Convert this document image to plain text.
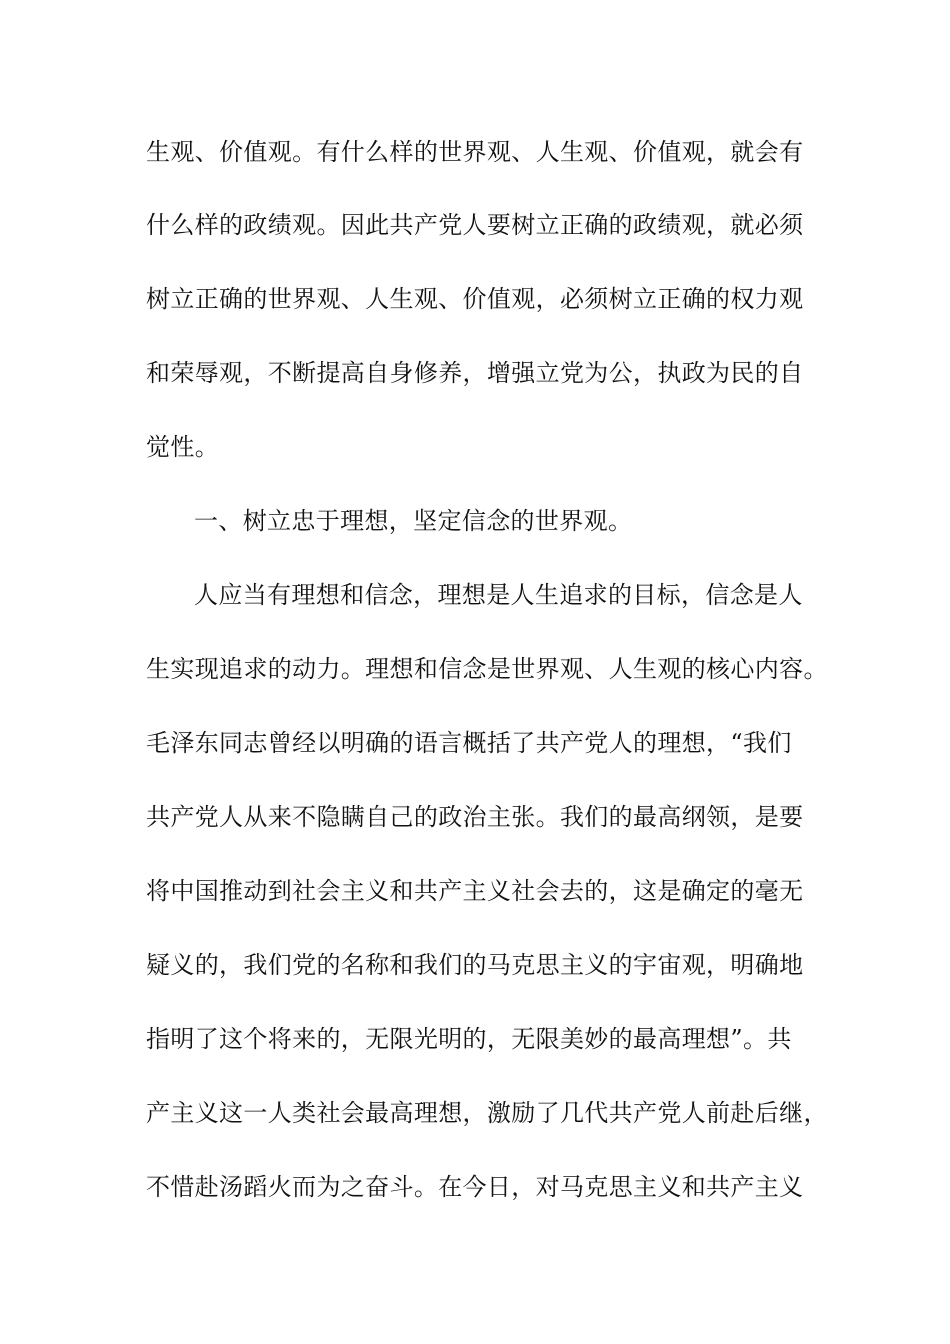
生观、价值观。有什么样的世界观、人生观、价值观，就会有
什么样的政绩观。因此共产党人要树立正确的政绩观，就必须
树立正确的世界观、人生观、价值观，必须树立正确的权力观
和荣辱观，不断提高自身修养，增强立党为公，执政为民的自
觉性。
一、树立忠于理想，坚定信念的世界观。
人应当有理想和信念，理想是人生追求的目标，信念是人
生实现追求的动力。理想和信念是世界观、人生观的核心内容。
毛泽东同志曾经以明确的语言概括了共产党人的理想，“我们
共产党人从来不隐瞒自己的政治主张。我们的最高纲领，是要
将中国推动到社会主义和共产主义社会去的，这是确定的毫无
疑义的，我们党的名称和我们的马克思主义的宇宙观，明确地
指明了这个将来的，无限光明的，无限美妙的最高理想”。共
产主义这一人类社会最高理想，激励了几代共产党人前赴后继，
不惜赴汤蹈火而为之奋斗。在今日，对马克思主义和共产主义
